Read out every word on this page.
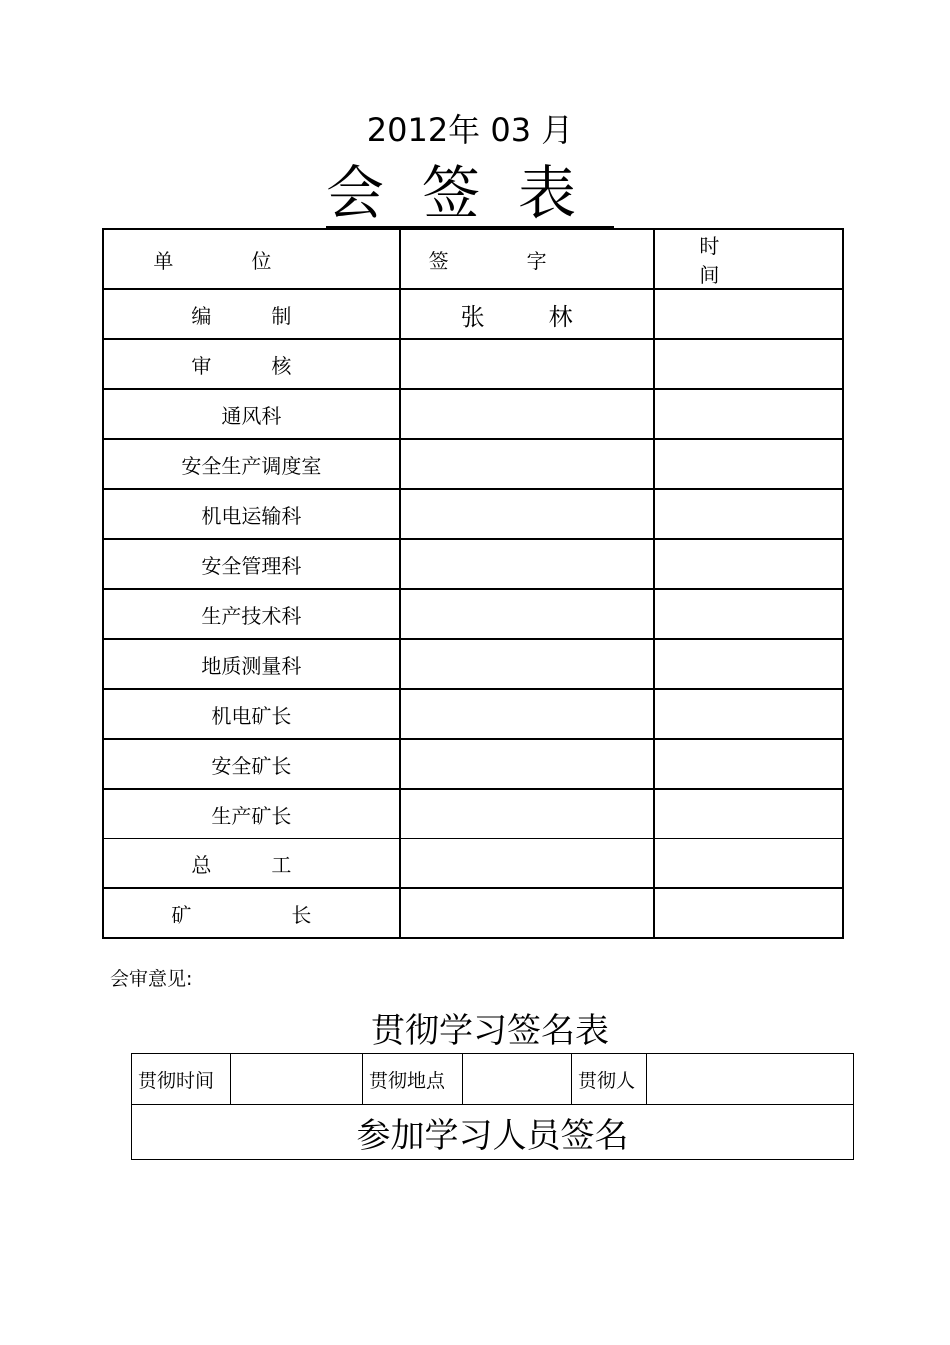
2012年 03 月
会签表
单位	签字	时间
编　制	张　林	
审　核		
通风科		
安全生产调度室		
机电运输科		
安全管理科		
生产技术科		
地质测量科		
机电矿长		
安全矿长		
生产矿长		
总　工		
矿　　长		
会审意见:
贯彻学习签名表
贯彻时间		贯彻地点		贯彻人	
参加学习人员签名
